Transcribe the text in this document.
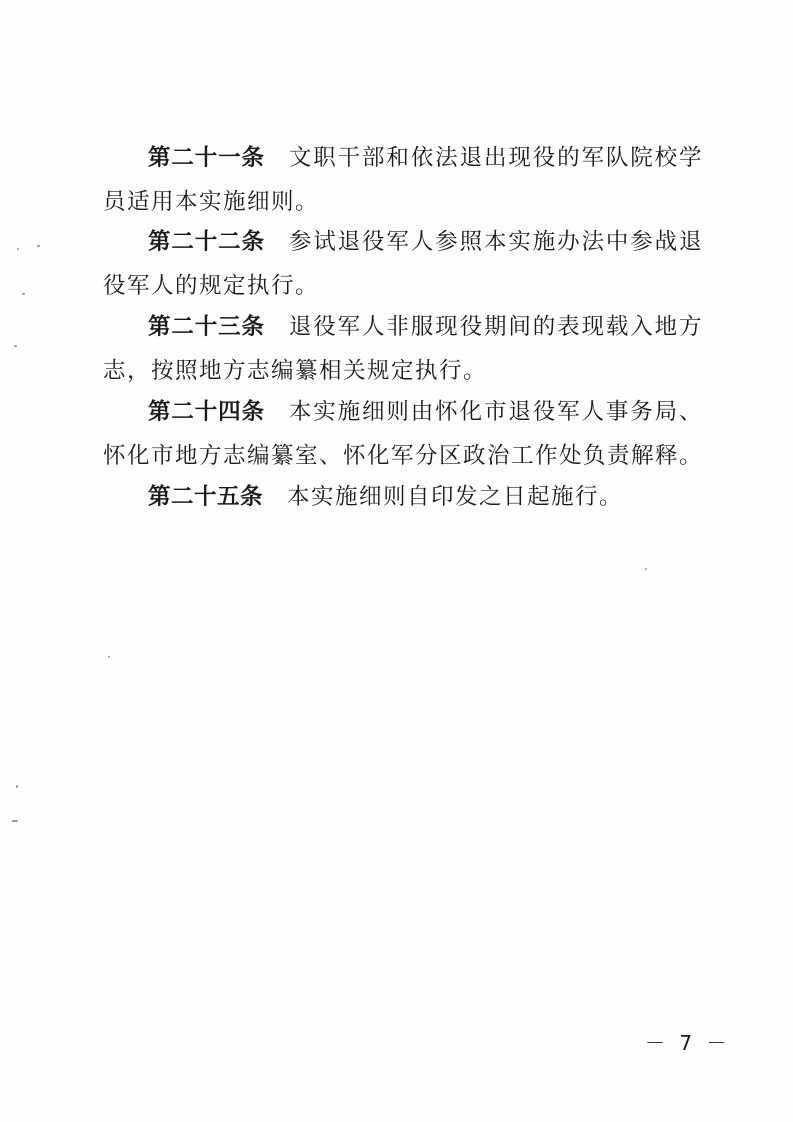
第二十一条 文职干部和依法退出现役的军队院校学员适用本实施细则。

第二十二条 参试退役军人参照本实施办法中参战退役军人的规定执行。

第二十三条 退役军人非服现役期间的表现载入地方志，按照地方志编纂相关规定执行。

第二十四条 本实施细则由怀化市退役军人事务局、怀化市地方志编纂室、怀化军分区政治工作处负责解释。

第二十五条 本实施细则自印发之日起施行。

－ 7 －
